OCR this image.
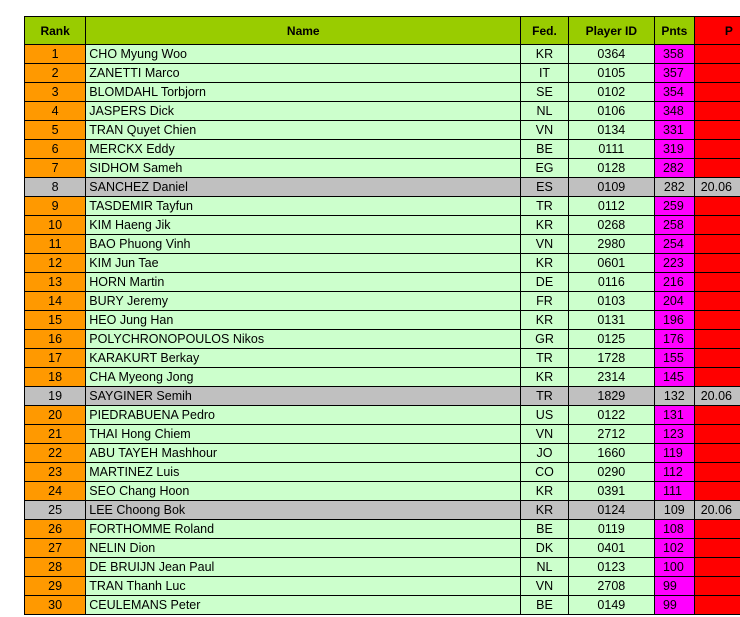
Rank	Name	Fed.	Player ID	Pnts	P
1	CHO Myung Woo	KR	0364	358	
2	ZANETTI Marco	IT	0105	357	
3	BLOMDAHL Torbjorn	SE	0102	354	
4	JASPERS Dick	NL	0106	348	
5	TRAN Quyet Chien	VN	0134	331	
6	MERCKX Eddy	BE	0111	319	
7	SIDHOM Sameh	EG	0128	282	
8	SANCHEZ Daniel	ES	0109	282	20.06
9	TASDEMIR Tayfun	TR	0112	259	
10	KIM Haeng Jik	KR	0268	258	
11	BAO Phuong Vinh	VN	2980	254	
12	KIM Jun Tae	KR	0601	223	
13	HORN Martin	DE	0116	216	
14	BURY Jeremy	FR	0103	204	
15	HEO Jung Han	KR	0131	196	
16	POLYCHRONOPOULOS Nikos	GR	0125	176	
17	KARAKURT Berkay	TR	1728	155	
18	CHA Myeong Jong	KR	2314	145	
19	SAYGINER Semih	TR	1829	132	20.06
20	PIEDRABUENA Pedro	US	0122	131	
21	THAI Hong Chiem	VN	2712	123	
22	ABU TAYEH Mashhour	JO	1660	119	
23	MARTINEZ Luis	CO	0290	112	
24	SEO Chang Hoon	KR	0391	111	
25	LEE Choong Bok	KR	0124	109	20.06
26	FORTHOMME Roland	BE	0119	108	
27	NELIN Dion	DK	0401	102	
28	DE BRUIJN Jean Paul	NL	0123	100	
29	TRAN Thanh Luc	VN	2708	99	
30	CEULEMANS Peter	BE	0149	99	
